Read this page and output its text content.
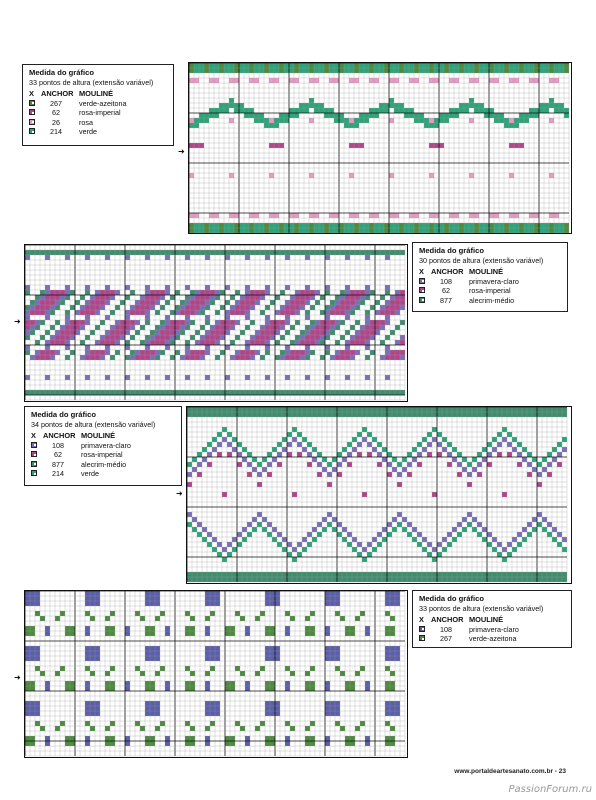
➜
Medida do gráfico
33 pontos de altura (extensão variável)
X ANCHOR MOULINÉ
267	verde-azeitona
62	rosa-imperial
26	rosa
214	verde
➜
Medida do gráfico
30 pontos de altura (extensão variável)
X ANCHOR MOULINÉ
108	primavera-claro
62	rosa-imperial
877	alecrim-médio
➜
Medida do gráfico
34 pontos de altura (extensão variável)
X ANCHOR MOULINÉ
108	primavera-claro
62	rosa-imperial
877	alecrim-médio
214	verde
➜
Medida do gráfico
33 pontos de altura (extensão variável)
X ANCHOR MOULINÉ
108	primavera-claro
267	verde-azeitona
www.portaldeartesanato.com.br - 23
PassionForum.ru
